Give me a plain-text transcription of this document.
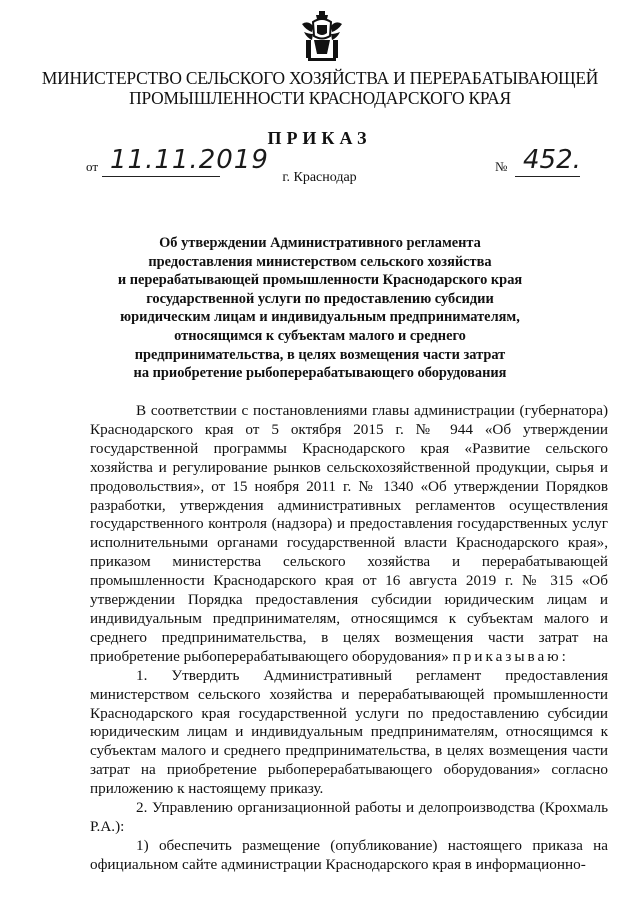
МИНИСТЕРСТВО СЕЛЬСКОГО ХОЗЯЙСТВА И ПЕРЕРАБАТЫВАЮЩЕЙ
ПРОМЫШЛЕННОСТИ КРАСНОДАРСКОГО КРАЯ
ПРИКАЗ
от 11.11.2019	№ 452.
г. Краснодар
Об утверждении Административного регламента
предоставления министерством сельского хозяйства
и перерабатывающей промышленности Краснодарского края
государственной услуги по предоставлению субсидии
юридическим лицам и индивидуальным предпринимателям,
относящимся к субъектам малого и среднего
предпринимательства, в целях возмещения части затрат
на приобретение рыбоперерабатывающего оборудования

В соответствии с постановлениями главы администрации (губернатора) Краснодарского края от 5 октября 2015 г. № 944 «Об утверждении государственной программы Краснодарского края «Развитие сельского хозяйства и регулирование рынков сельскохозяйственной продукции, сырья и продовольствия», от 15 ноября 2011 г. № 1340 «Об утверждении Порядков разработки, утверждения административных регламентов осуществления государственного контроля (надзора) и предоставления государственных услуг исполнительными органами государственной власти Краснодарского края», приказом министерства сельского хозяйства и перерабатывающей промышленности Краснодарского края от 16 августа 2019 г. № 315 «Об утверждении Порядка предоставления субсидии юридическим лицам и индивидуальным предпринимателям, относящимся к субъектам малого и среднего предпринимательства, в целях возмещения части затрат на приобретение рыбоперерабатывающего оборудования» приказываю:

1. Утвердить Административный регламент предоставления министерством сельского хозяйства и перерабатывающей промышленности Краснодарского края государственной услуги по предоставлению субсидии юридическим лицам и индивидуальным предпринимателям, относящимся к субъектам малого и среднего предпринимательства, в целях возмещения части затрат на приобретение рыбоперерабатывающего оборудования» согласно приложению к настоящему приказу.

2. Управлению организационной работы и делопроизводства (Крохмаль Р.А.):

1) обеспечить размещение (опубликование) настоящего приказа на официальном сайте администрации Краснодарского края в информационно-
